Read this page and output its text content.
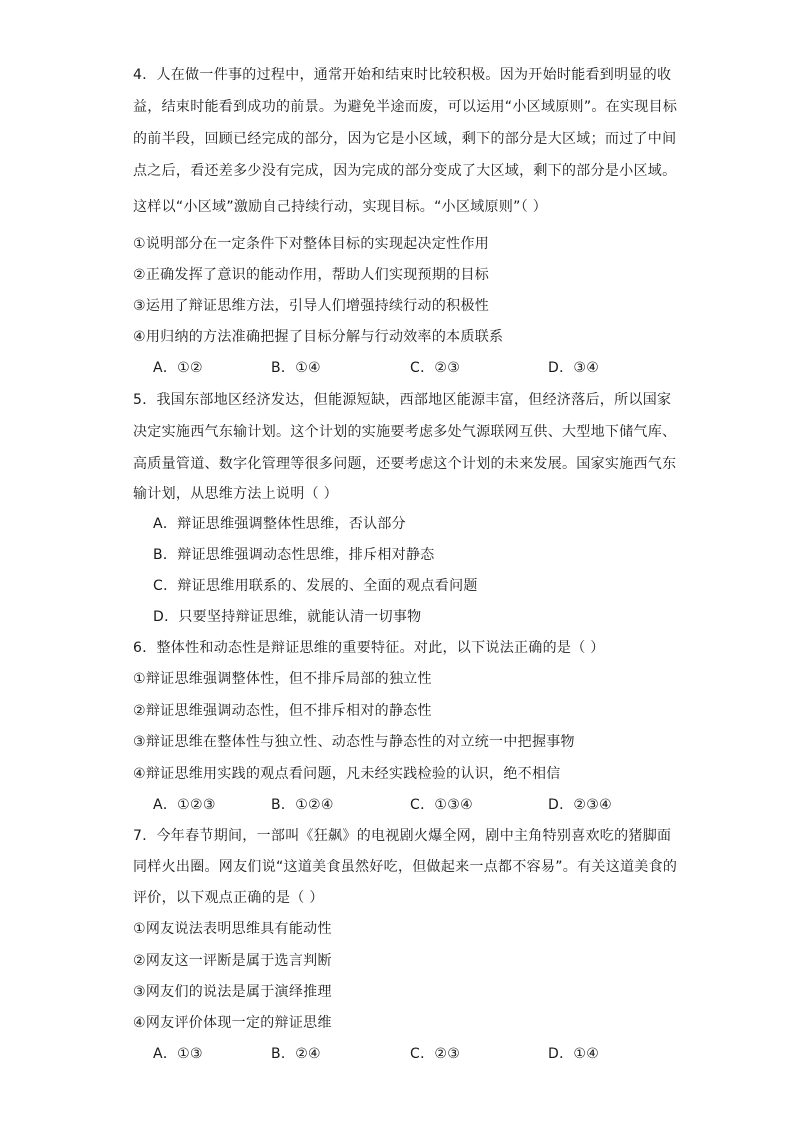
4．人在做一件事的过程中，通常开始和结束时比较积极。因为开始时能看到明显的收
益，结束时能看到成功的前景。为避免半途而废，可以运用“小区域原则”。在实现目标
的前半段，回顾已经完成的部分，因为它是小区域，剩下的部分是大区域；而过了中间
点之后，看还差多少没有完成，因为完成的部分变成了大区域，剩下的部分是小区域。
这样以“小区域”激励自己持续行动，实现目标。“小区域原则”（ ）
①说明部分在一定条件下对整体目标的实现起决定性作用
②正确发挥了意识的能动作用，帮助人们实现预期的目标
③运用了辩证思维方法，引导人们增强持续行动的积极性
④用归纳的方法准确把握了目标分解与行动效率的本质联系
A．①②	B．①④	C．②③	D．③④
5．我国东部地区经济发达，但能源短缺，西部地区能源丰富，但经济落后，所以国家
决定实施西气东输计划。这个计划的实施要考虑多处气源联网互供、大型地下储气库、
高质量管道、数字化管理等很多问题，还要考虑这个计划的未来发展。国家实施西气东
输计划，从思维方法上说明（ ）
A．辩证思维强调整体性思维，否认部分
B．辩证思维强调动态性思维，排斥相对静态
C．辩证思维用联系的、发展的、全面的观点看问题
D．只要坚持辩证思维，就能认清一切事物
6．整体性和动态性是辩证思维的重要特征。对此，以下说法正确的是（ ）
①辩证思维强调整体性，但不排斥局部的独立性
②辩证思维强调动态性，但不排斥相对的静态性
③辩证思维在整体性与独立性、动态性与静态性的对立统一中把握事物
④辩证思维用实践的观点看问题，凡未经实践检验的认识，绝不相信
A．①②③	B．①②④	C．①③④	D．②③④
7．今年春节期间，一部叫《狂飙》的电视剧火爆全网，剧中主角特别喜欢吃的猪脚面
同样火出圈。网友们说“这道美食虽然好吃，但做起来一点都不容易”。有关这道美食的
评价，以下观点正确的是（ ）
①网友说法表明思维具有能动性
②网友这一评断是属于选言判断
③网友们的说法是属于演绎推理
④网友评价体现一定的辩证思维
A．①③	B．②④	C．②③	D．①④
